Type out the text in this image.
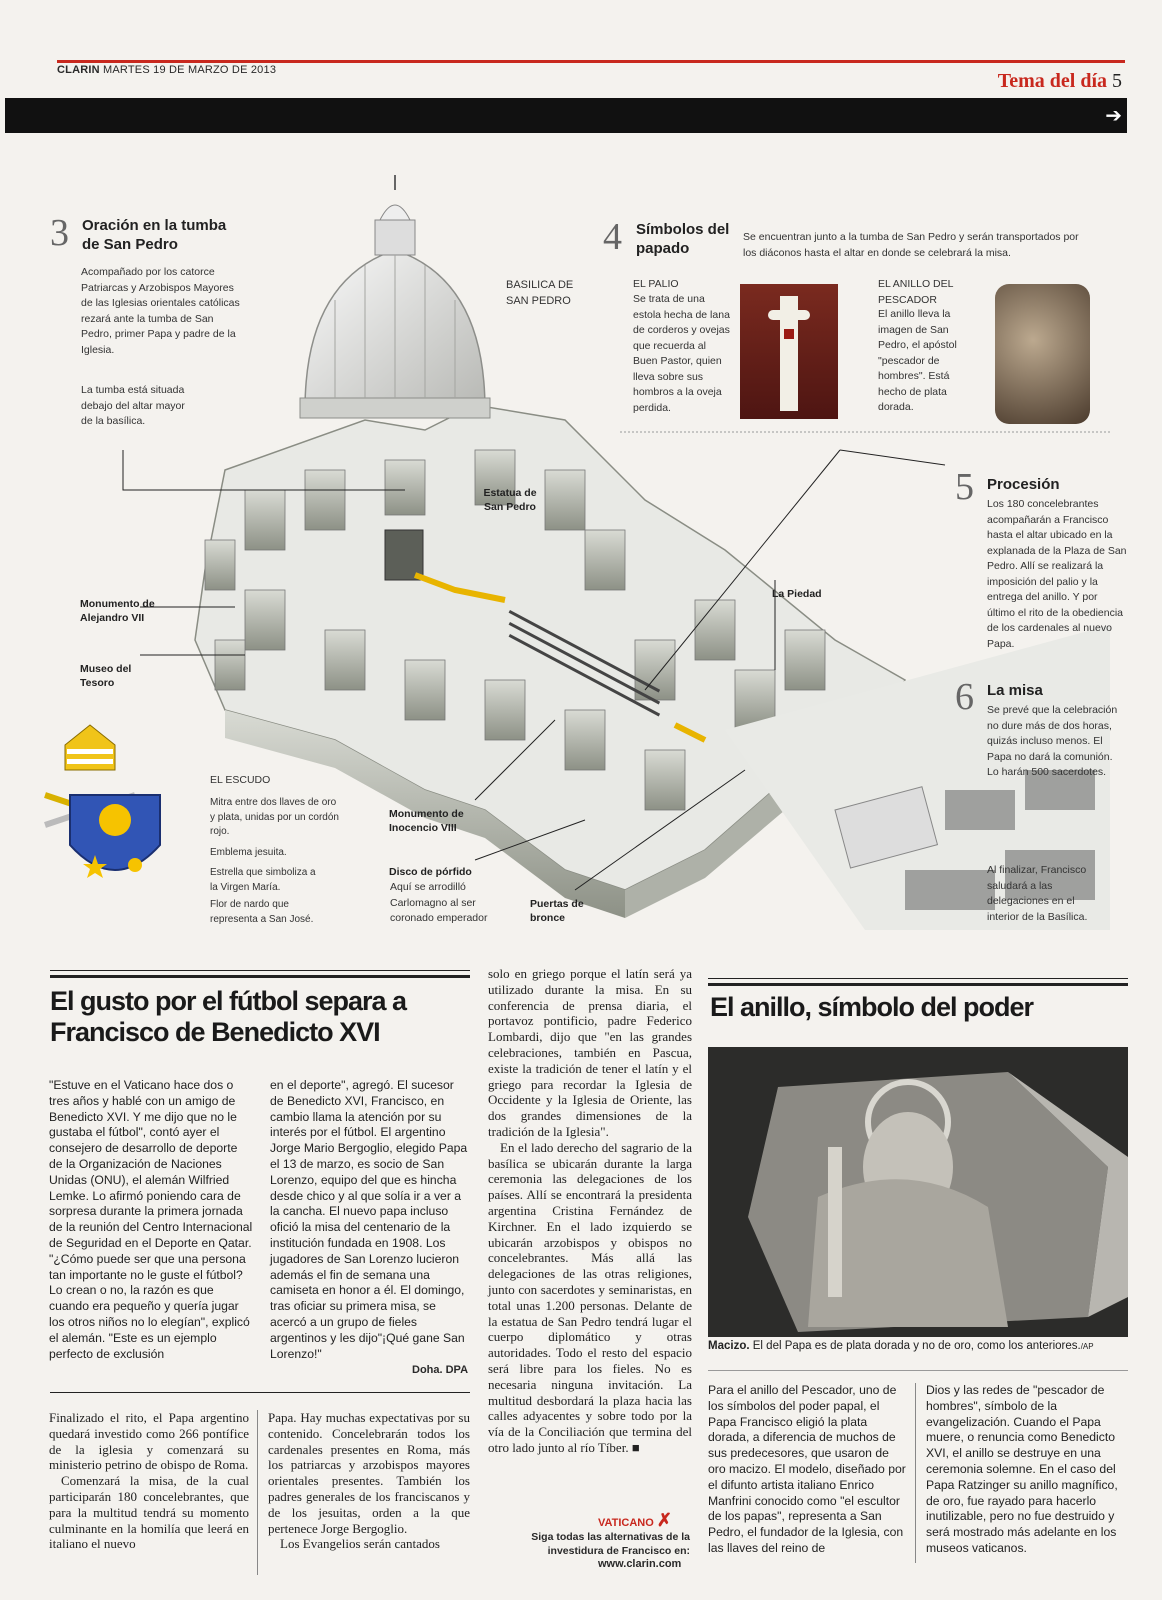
CLARIN MARTES 19 DE MARZO DE 2013	Tema del día 5
➔
3 Oración en la tumba de San Pedro
Acompañado por los catorce Patriarcas y Arzobispos Mayores de las Iglesias orientales católicas rezará ante la tumba de San Pedro, primer Papa y padre de la Iglesia.
La tumba está situada debajo del altar mayor de la basílica.
BASILICA DE SAN PEDRO
4 Símbolos del papado
Se encuentran junto a la tumba de San Pedro y serán transportados por los diáconos hasta el altar en donde se celebrará la misa.
EL PALIO
Se trata de una estola hecha de lana de corderos y ovejas que recuerda al Buen Pastor, quien lleva sobre sus hombros a la oveja perdida.
EL ANILLO DEL PESCADOR
El anillo lleva la imagen de San Pedro, el apóstol "pescador de hombres". Está hecho de plata dorada.
5 Procesión
Los 180 concelebrantes acompañarán a Francisco hasta el altar ubicado en la explanada de la Plaza de San Pedro. Allí se realizará la imposición del palio y la entrega del anillo. Y por último el rito de la obediencia de los cardenales al nuevo Papa.
6 La misa
Se prevé que la celebración no dure más de dos horas, quizás incluso menos. El Papa no dará la comunión. Lo harán 500 sacerdotes.
Al finalizar, Francisco saludará a las delegaciones en el interior de la Basílica.
Estatua de San Pedro
Monumento de Alejandro VII
Museo del Tesoro
La Piedad
Monumento de Inocencio VIII
Disco de pórfido
Aquí se arrodilló Carlomagno al ser coronado emperador
Puertas de bronce
EL ESCUDO
Mitra entre dos llaves de oro y plata, unidas por un cordón rojo.
Emblema jesuita.
Estrella que simboliza a la Virgen María.
Flor de nardo que representa a San José.
El gusto por el fútbol separa a Francisco de Benedicto XVI
"Estuve en el Vaticano hace dos o tres años y hablé con un amigo de Benedicto XVI. Y me dijo que no le gustaba el fútbol", contó ayer el consejero de desarrollo de deporte de la Organización de Naciones Unidas (ONU), el alemán Wilfried Lemke. Lo afirmó poniendo cara de sorpresa durante la primera jornada de la reunión del Centro Internacional de Seguridad en el Deporte en Qatar. "¿Cómo puede ser que una persona tan importante no le guste el fútbol? Lo crean o no, la razón es que cuando era pequeño y quería jugar los otros niños no lo elegían", explicó el alemán. "Este es un ejemplo perfecto de exclusión
en el deporte", agregó. El sucesor de Benedicto XVI, Francisco, en cambio llama la atención por su interés por el fútbol. El argentino Jorge Mario Bergoglio, elegido Papa el 13 de marzo, es socio de San Lorenzo, equipo del que es hincha desde chico y al que solía ir a ver a la cancha. El nuevo papa incluso ofició la misa del centenario de la institución fundada en 1908. Los jugadores de San Lorenzo lucieron además el fin de semana una camiseta en honor a él. El domingo, tras oficiar su primera misa, se acercó a un grupo de fieles argentinos y les dijo"¡Qué gane San Lorenzo!"
Doha. DPA

Finalizado el rito, el Papa argentino quedará investido como 266 pontífice de la iglesia y comenzará su ministerio petrino de obispo de Roma.

Comenzará la misa, de la cual participarán 180 concelebrantes, que para la multitud tendrá su momento culminante en la homilía que leerá en italiano el nuevo

Papa. Hay muchas expectativas por su contenido. Concelebrarán todos los cardenales presentes en Roma, más los patriarcas y arzobispos mayores orientales presentes. También los padres generales de los franciscanos y de los jesuitas, orden a la que pertenece Jorge Bergoglio.

Los Evangelios serán cantados

solo en griego porque el latín será ya utilizado durante la misa. En su conferencia de prensa diaria, el portavoz pontificio, padre Federico Lombardi, dijo que "en las grandes celebraciones, también en Pascua, existe la tradición de tener el latín y el griego para recordar la Iglesia de Occidente y la Iglesia de Oriente, las dos grandes dimensiones de la tradición de la Iglesia".

En el lado derecho del sagrario de la basílica se ubicarán durante la larga ceremonia las delegaciones de los países. Allí se encontrará la presidenta argentina Cristina Fernández de Kirchner. En el lado izquierdo se ubicarán arzobispos y obispos no concelebrantes. Más allá las delegaciones de las otras religiones, junto con sacerdotes y seminaristas, en total unas 1.200 personas. Delante de la estatua de San Pedro tendrá lugar el cuerpo diplomático y otras autoridades. Todo el resto del espacio será libre para los fieles. No es necesaria ninguna invitación. La multitud desbordará la plaza hacia las calles adyacentes y sobre todo por la vía de la Conciliación que termina del otro lado junto al río Tíber. ■

VATICANO ✗
Siga todas las alternativas de la investidura de Francisco en:
www.clarin.com
El anillo, símbolo del poder
Macizo. El del Papa es de plata dorada y no de oro, como los anteriores./AP
Para el anillo del Pescador, uno de los símbolos del poder papal, el Papa Francisco eligió la plata dorada, a diferencia de muchos de sus predecesores, que usaron de oro macizo. El modelo, diseñado por el difunto artista italiano Enrico Manfrini conocido como "el escultor de los papas", representa a San Pedro, el fundador de la Iglesia, con las llaves del reino de
Dios y las redes de "pescador de hombres", símbolo de la evangelización. Cuando el Papa muere, o renuncia como Benedicto XVI, el anillo se destruye en una ceremonia solemne. En el caso del Papa Ratzinger su anillo magnífico, de oro, fue rayado para hacerlo inutilizable, pero no fue destruido y será mostrado más adelante en los museos vaticanos.
